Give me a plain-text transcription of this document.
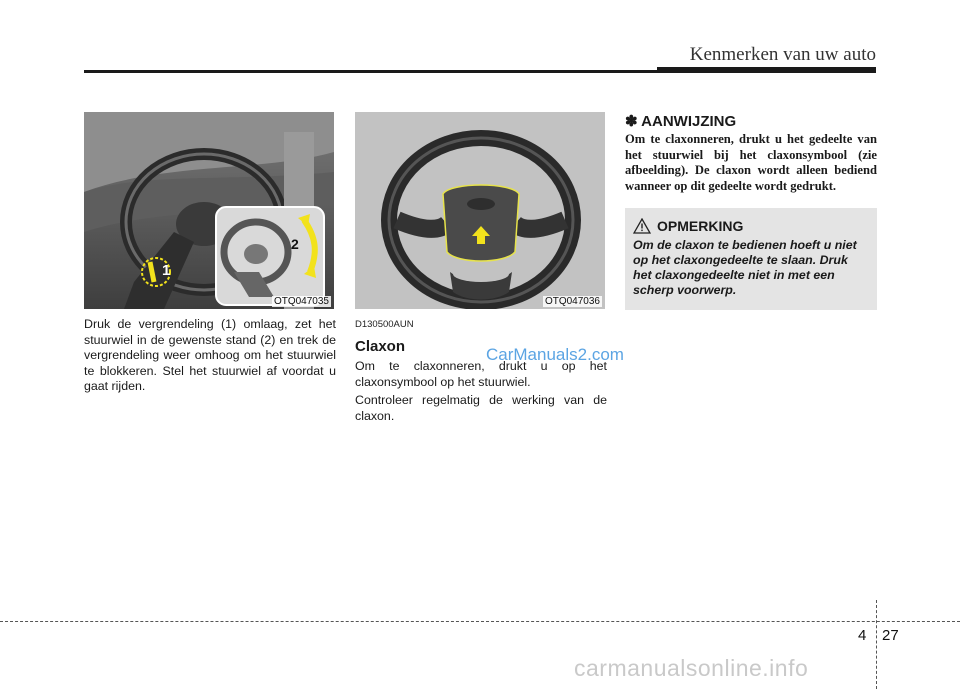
Kenmerken van uw auto
1
2
OTQ047035

Druk de vergrendeling (1) omlaag, zet het stuurwiel in de gewenste stand (2) en trek de vergrendeling weer omhoog om het stuurwiel te blokkeren. Stel het stuurwiel af voordat u gaat rijden.

OTQ047036
D130500AUN
Claxon

Om te claxonneren, drukt u op het claxonsymbool op het stuurwiel.

Controleer regelmatig de werking van de claxon.

CarManuals2.com
✽ AANWIJZING
Om te claxonneren, drukt u het gedeelte van het stuurwiel bij het claxonsymbool (zie afbeelding). De claxon wordt alleen bediend wanneer op dit gedeelte wordt gedrukt.
OPMERKING
Om de claxon te bedienen hoeft u niet op het claxongedeelte te slaan. Druk het claxongedeelte niet in met een scherp voorwerp.
4 27
carmanualsonline.info
